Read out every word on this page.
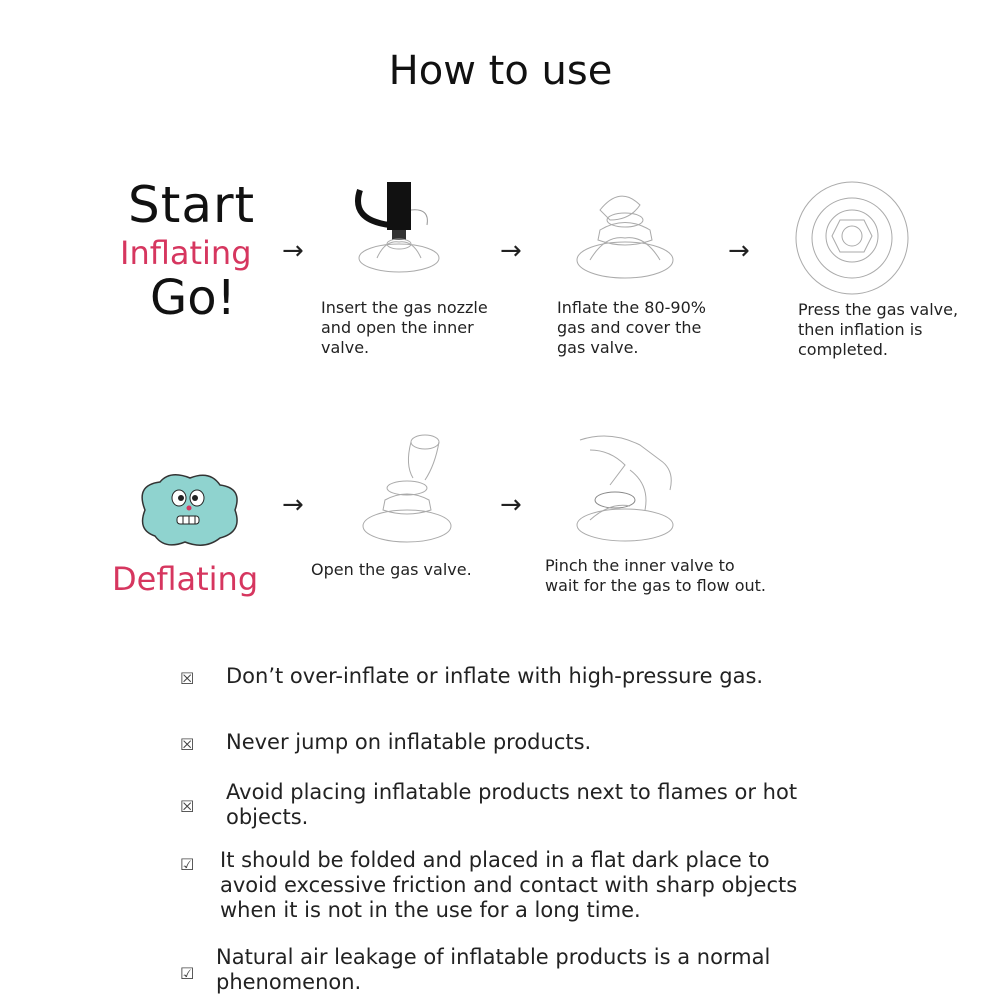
How to use
Start
Inflating
Go!
→	→	→
Insert the gas nozzle
and open the inner
valve.
Inflate the 80-90%
gas and cover the
gas valve.
Press the gas valve,
then inflation is
completed.
Deflating
→	→
Open the gas valve.	Pinch the inner valve to
wait for the gas to flow out.
☒	Don’t over-inflate or inflate with high-pressure gas.
☒	Never jump on inflatable products.
☒
Avoid placing inflatable products next to flames or hot
objects.
☑	It should be folded and placed in a flat dark place to
avoid excessive friction and contact with sharp objects
when it is not in the use for a long time.
☑
Natural air leakage of inflatable products is a normal
phenomenon.
